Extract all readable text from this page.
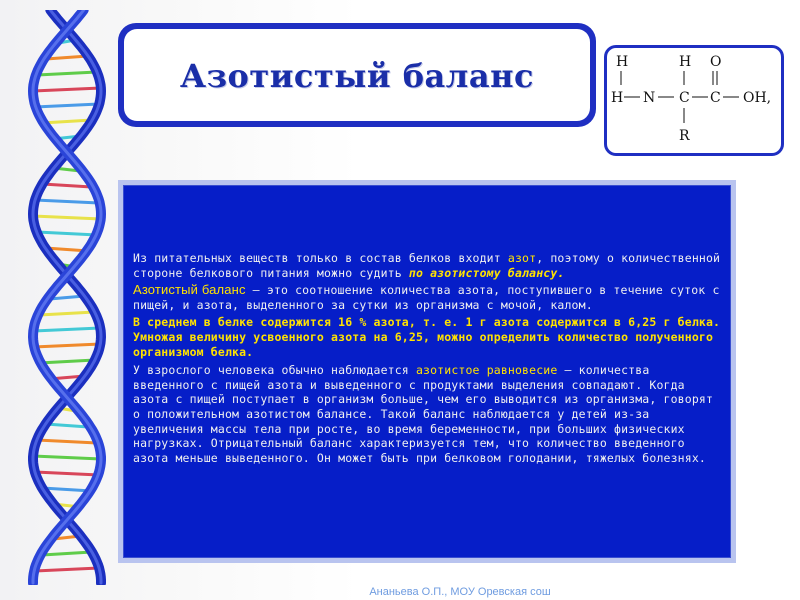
Азотистый баланс	H	H O
H N C C OH,
R

Из питательных веществ только в состав белков входит азот, поэтому о количественной стороне белкового питания можно судить по азотистому балансу.

Азотистый баланс – это соотношение количества азота, поступившего в течение суток с пищей, и азота, выделенного за сутки из организма с мочой, калом.

В среднем в белке содержится 16 % азота, т. е. 1 г азота содержится в 6,25 г белка. Умножая величину усвоенного азота на 6,25, можно определить количество полученного организмом белка.

У взрослого человека обычно наблюдается азотистое равновесие – количества введенного с пищей азота и выведенного с продуктами выделения совпадают. Когда азота с пищей поступает в организм больше, чем его выводится из организма, говорят о положительном азотистом балансе. Такой баланс наблюдается у детей из-за увеличения массы тела при росте, во время беременности, при больших физических нагрузках. Отрицательный баланс характеризуется тем, что количество введенного азота меньше выведенного. Он может быть при белковом голодании, тяжелых болезнях.

Ананьева О.П., МОУ Оревская сош
